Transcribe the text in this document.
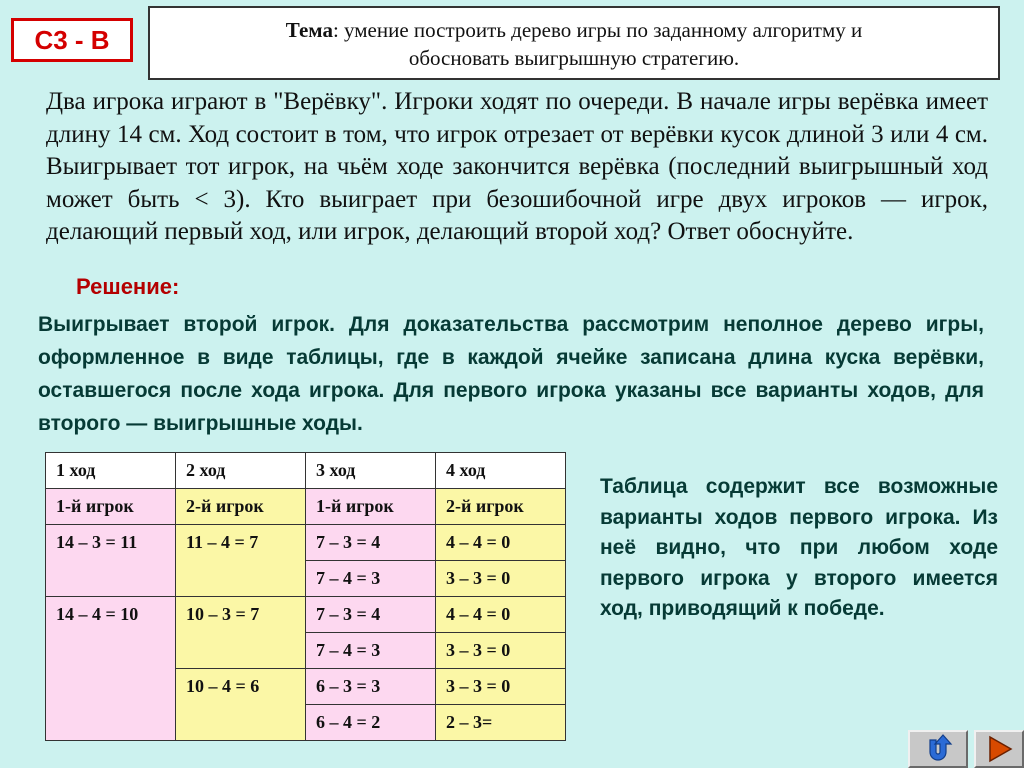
C3 - B	Тема: умение построить дерево игры по заданному алгоритму и
обосновать выигрышную стратегию.
Два игрока играют в "Верёвку". Игроки ходят по очереди. В начале игры верёвка имеет длину 14 см. Ход состоит в том, что игрок отрезает от верёвки кусок длиной 3 или 4 см. Выигрывает тот игрок, на чьём ходе закончится верёвка (последний выигрышный ход может быть < 3). Кто выиграет при безошибочной игре двух игроков — игрок, делающий первый ход, или игрок, делающий второй ход? Ответ обоснуйте.
Решение:
Выигрывает второй игрок. Для доказательства рассмотрим неполное дерево игры, оформленное в виде таблицы, где в каждой ячейке записана длина куска верёвки, оставшегося после хода игрока. Для первого игрока указаны все варианты ходов, для второго — выигрышные ходы.
1 ход	2 ход	3 ход	4 ход
1-й игрок	2-й игрок	1-й игрок	2-й игрок
14 – 3 = 11	11 – 4 = 7	7 – 3 = 4	4 – 4 = 0
		7 – 4 = 3	3 – 3 = 0
14 – 4 = 10	10 – 3 = 7	7 – 3 = 4	4 – 4 = 0
		7 – 4 = 3	3 – 3 = 0
	10 – 4 = 6	6 – 3 = 3	3 – 3 = 0
		6 – 4 = 2	2 – 3=
Таблица содержит все возможные варианты ходов первого игрока. Из неё видно, что при любом ходе первого игрока у второго имеется ход, приводящий к победе.
